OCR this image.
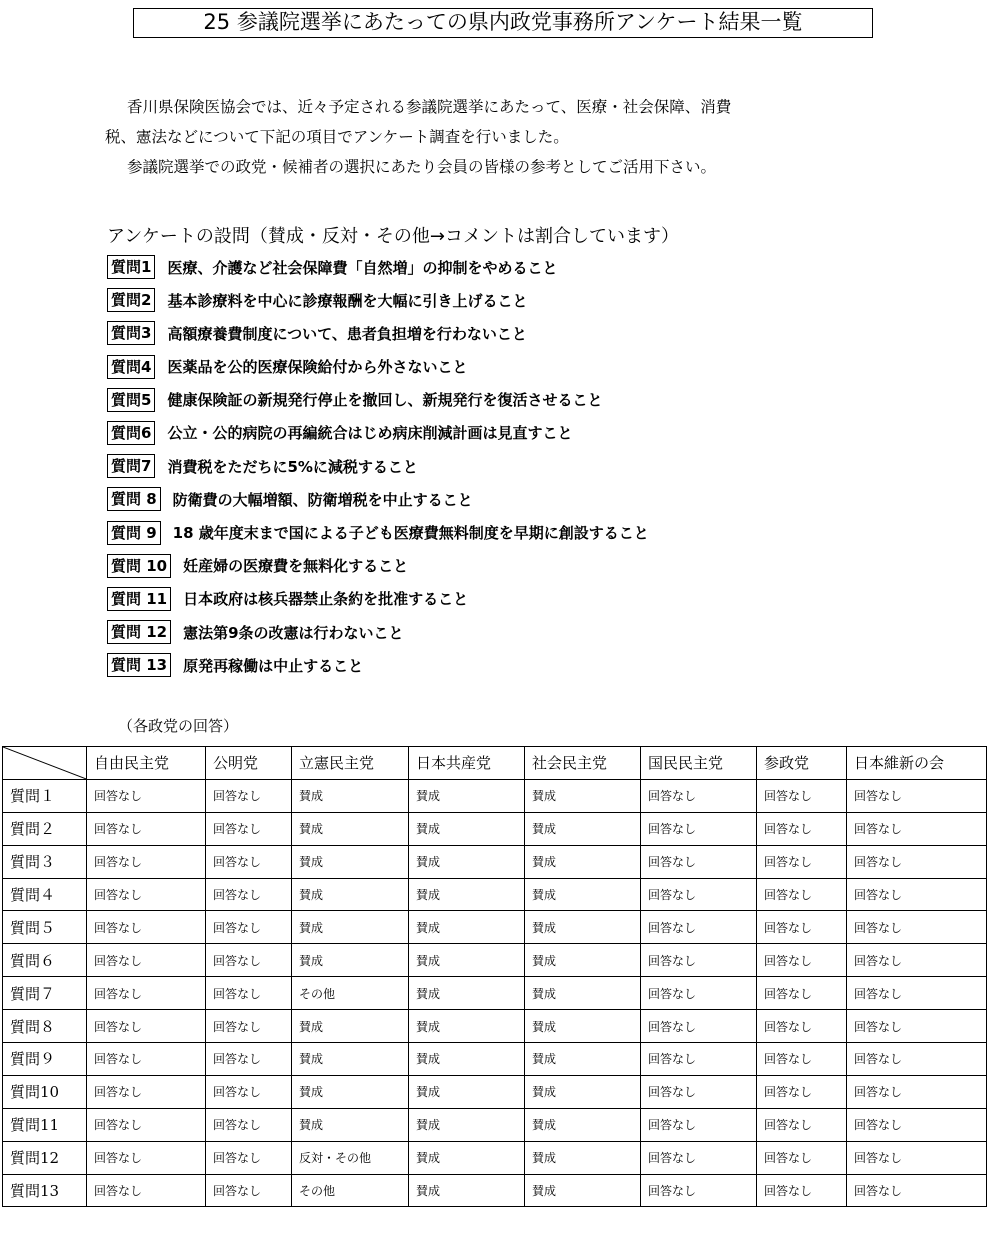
25 参議院選挙にあたっての県内政党事務所アンケート結果一覧

香川県保険医協会では、近々予定される参議院選挙にあたって、医療・社会保障、消費

税、憲法などについて下記の項目でアンケート調査を行いました。

参議院選挙での政党・候補者の選択にあたり会員の皆様の参考としてご活用下さい。

アンケートの設問（賛成・反対・その他→コメントは割合しています）
質問1 医療、介護など社会保障費「自然増」の抑制をやめること
質問2 基本診療料を中心に診療報酬を大幅に引き上げること
質問3 高額療養費制度について、患者負担増を行わないこと
質問4 医薬品を公的医療保険給付から外さないこと
質問5 健康保険証の新規発行停止を撤回し、新規発行を復活させること
質問6 公立・公的病院の再編統合はじめ病床削減計画は見直すこと
質問7 消費税をただちに5%に減税すること
質問 8 防衛費の大幅増額、防衛増税を中止すること
質問 9 18 歳年度末まで国による子ども医療費無料制度を早期に創設すること
質問 10 妊産婦の医療費を無料化すること
質問 11 日本政府は核兵器禁止条約を批准すること
質問 12 憲法第9条の改憲は行わないこと
質問 13 原発再稼働は中止すること
（各政党の回答）
	自由民主党	公明党	立憲民主党	日本共産党	社会民主党	国民民主党	参政党	日本維新の会
質問１	回答なし	回答なし	賛成	賛成	賛成	回答なし	回答なし	回答なし
質問２	回答なし	回答なし	賛成	賛成	賛成	回答なし	回答なし	回答なし
質問３	回答なし	回答なし	賛成	賛成	賛成	回答なし	回答なし	回答なし
質問４	回答なし	回答なし	賛成	賛成	賛成	回答なし	回答なし	回答なし
質問５	回答なし	回答なし	賛成	賛成	賛成	回答なし	回答なし	回答なし
質問６	回答なし	回答なし	賛成	賛成	賛成	回答なし	回答なし	回答なし
質問７	回答なし	回答なし	その他	賛成	賛成	回答なし	回答なし	回答なし
質問８	回答なし	回答なし	賛成	賛成	賛成	回答なし	回答なし	回答なし
質問９	回答なし	回答なし	賛成	賛成	賛成	回答なし	回答なし	回答なし
質問10	回答なし	回答なし	賛成	賛成	賛成	回答なし	回答なし	回答なし
質問11	回答なし	回答なし	賛成	賛成	賛成	回答なし	回答なし	回答なし
質問12	回答なし	回答なし	反対・その他	賛成	賛成	回答なし	回答なし	回答なし
質問13	回答なし	回答なし	その他	賛成	賛成	回答なし	回答なし	回答なし
